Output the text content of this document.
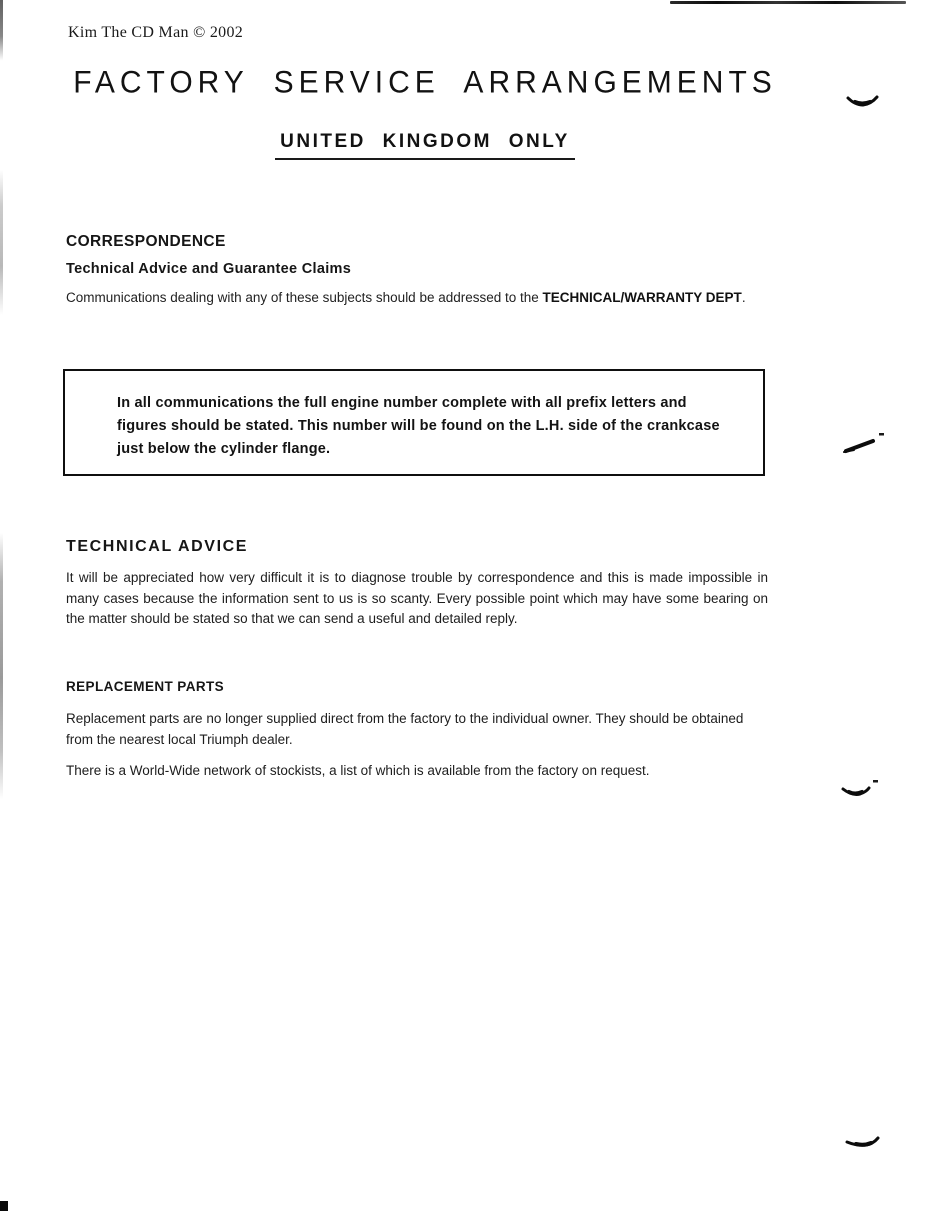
Kim The CD Man © 2002
FACTORY SERVICE ARRANGEMENTS
UNITED KINGDOM ONLY
CORRESPONDENCE
Technical Advice and Guarantee Claims
Communications dealing with any of these subjects should be addressed to the TECHNICAL/WARRANTY DEPT.
In all communications the full engine number complete with all prefix letters and figures should be stated. This number will be found on the L.H. side of the crankcase just below the cylinder flange.
TECHNICAL ADVICE
It will be appreciated how very difficult it is to diagnose trouble by correspondence and this is made impossible in many cases because the information sent to us is so scanty. Every possible point which may have some bearing on the matter should be stated so that we can send a useful and detailed reply.
REPLACEMENT PARTS
Replacement parts are no longer supplied direct from the factory to the individual owner. They should be obtained from the nearest local Triumph dealer.
There is a World-Wide network of stockists, a list of which is available from the factory on request.
